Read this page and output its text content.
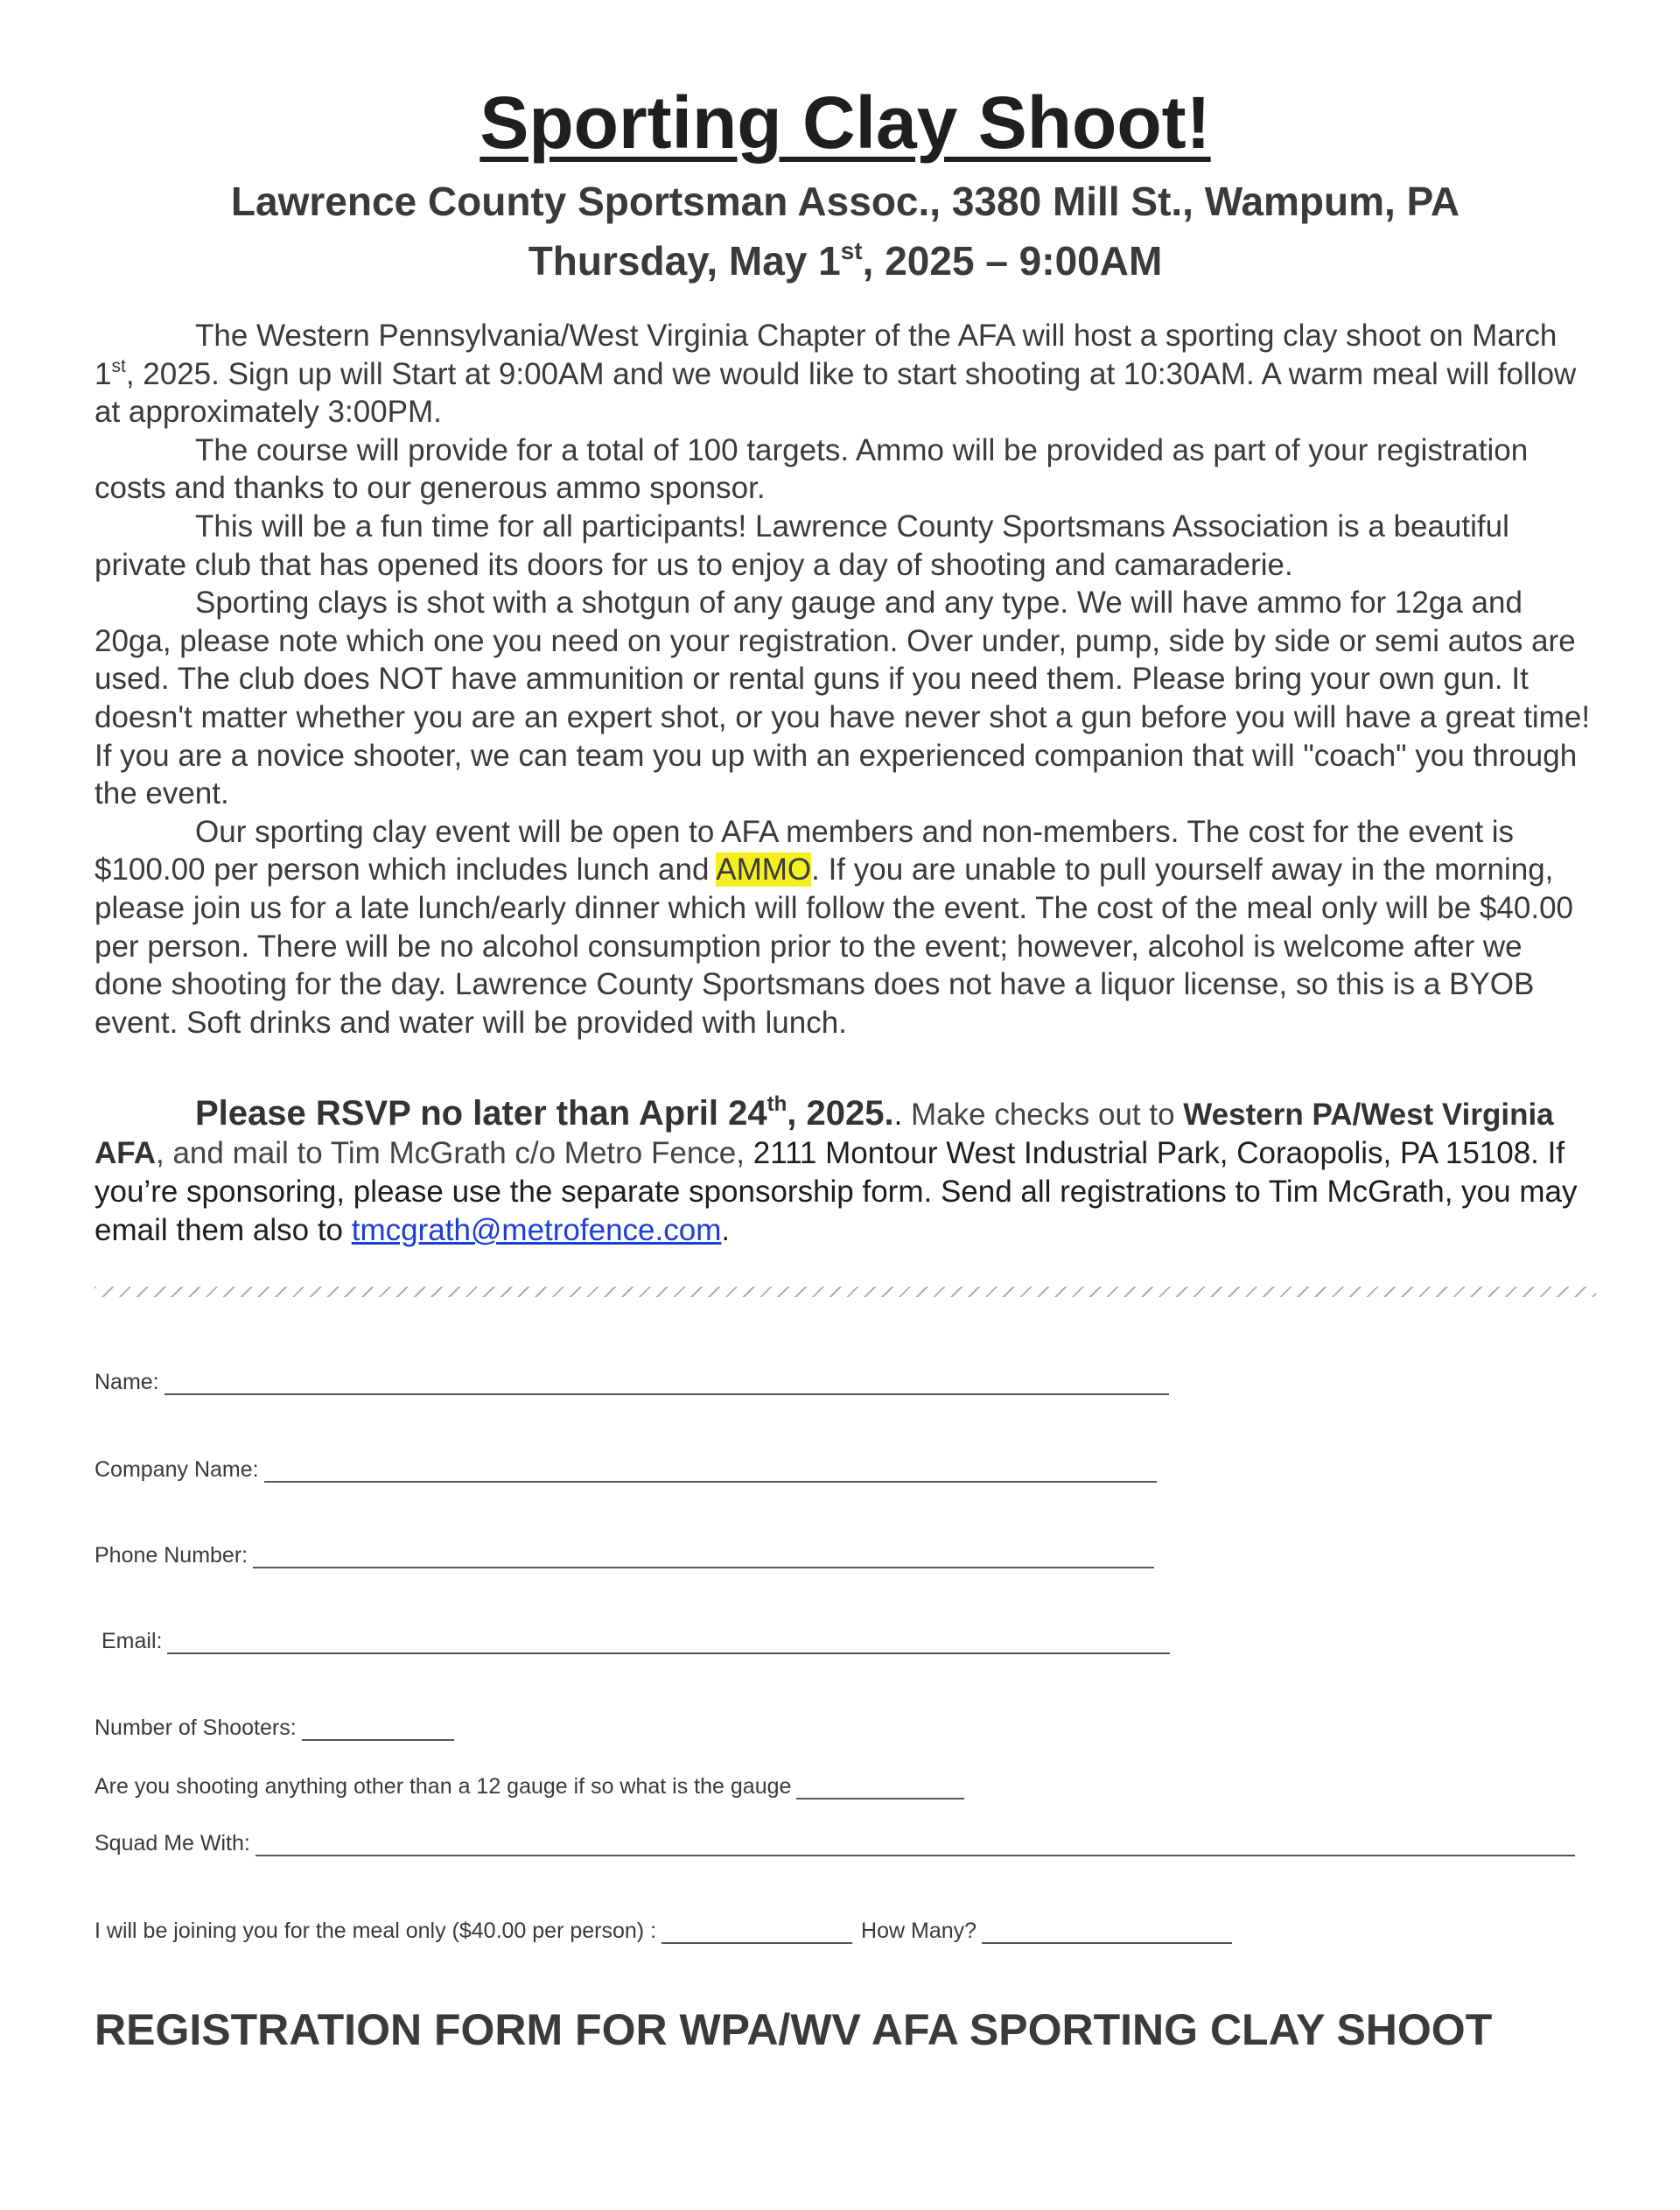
Sporting Clay Shoot!
Lawrence County Sportsman Assoc., 3380 Mill St., Wampum, PA
Thursday, May 1st, 2025 – 9:00AM

The Western Pennsylvania/West Virginia Chapter of the AFA will host a sporting clay shoot on March 1st, 2025. Sign up will Start at 9:00AM and we would like to start shooting at 10:30AM. A warm meal will follow at approximately 3:00PM.

The course will provide for a total of 100 targets. Ammo will be provided as part of your registration costs and thanks to our generous ammo sponsor.

This will be a fun time for all participants! Lawrence County Sportsmans Association is a beautiful private club that has opened its doors for us to enjoy a day of shooting and camaraderie.

Sporting clays is shot with a shotgun of any gauge and any type. We will have ammo for 12ga and 20ga, please note which one you need on your registration. Over under, pump, side by side or semi autos are used. The club does NOT have ammunition or rental guns if you need them. Please bring your own gun. It doesn't matter whether you are an expert shot, or you have never shot a gun before you will have a great time! If you are a novice shooter, we can team you up with an experienced companion that will "coach" you through the event.

Our sporting clay event will be open to AFA members and non-members. The cost for the event is $100.00 per person which includes lunch and AMMO. If you are unable to pull yourself away in the morning, please join us for a late lunch/early dinner which will follow the event. The cost of the meal only will be $40.00 per person. There will be no alcohol consumption prior to the event; however, alcohol is welcome after we done shooting for the day. Lawrence County Sportsmans does not have a liquor license, so this is a BYOB event. Soft drinks and water will be provided with lunch.

Please RSVP no later than April 24th, 2025.. Make checks out to Western PA/West Virginia AFA, and mail to Tim McGrath c/o Metro Fence, 2111 Montour West Industrial Park, Coraopolis, PA 15108. If you’re sponsoring, please use the separate sponsorship form. Send all registrations to Tim McGrath, you may email them also to tmcgrath@metrofence.com.

Name:
Company Name:
Phone Number:
Email:
Number of Shooters:
Are you shooting anything other than a 12 gauge if so what is the gauge
Squad Me With:
I will be joining you for the meal only ($40.00 per person) :	How Many?
REGISTRATION FORM FOR WPA/WV AFA SPORTING CLAY SHOOT
